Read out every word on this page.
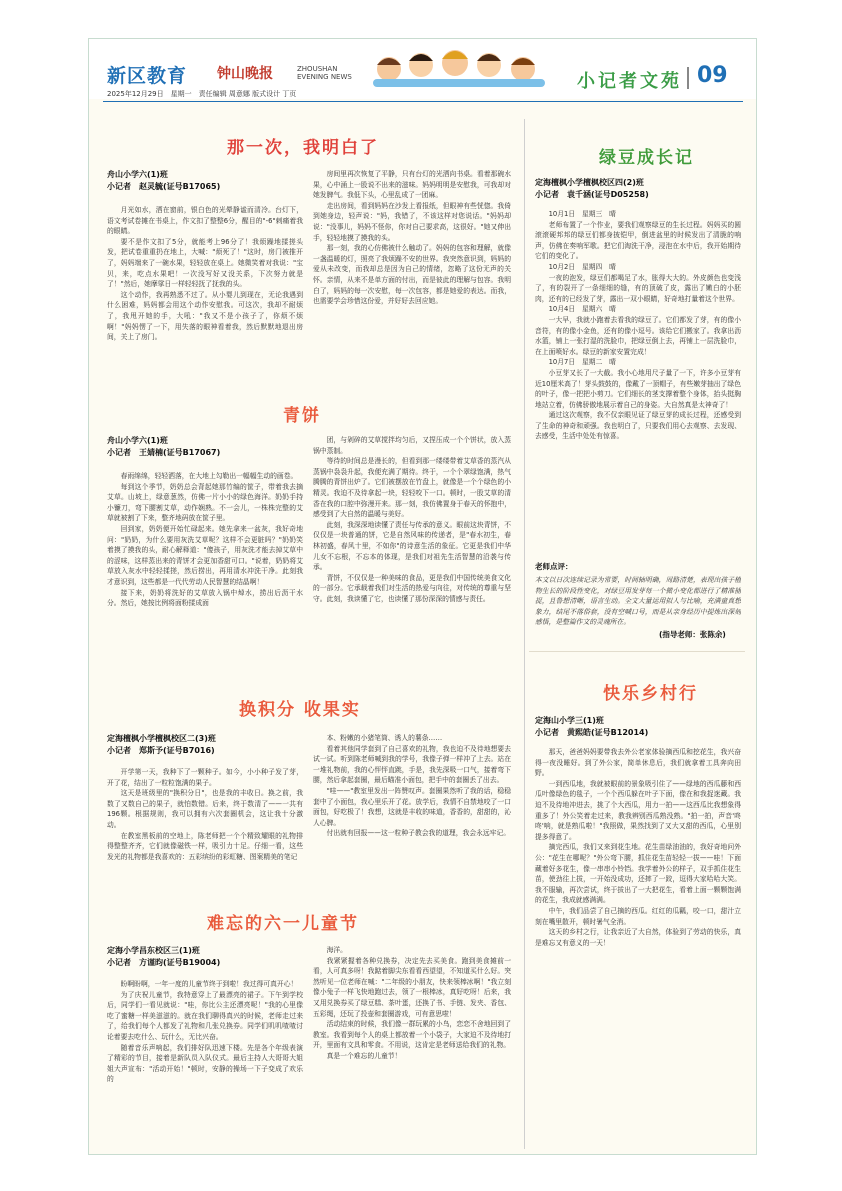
新区教育 钟山晚报	ZHOUSHAN
EVENING NEWS
2025年12月29日　星期一　责任编辑 周意娜 版式设计 丁页
小记者文苑 09
那一次，我明白了
舟山小学六(1)班
小记者　赵灵毓(证号B17065)

月光如水，洒在窗前，银白色的光晕静谧而清冷。台灯下，语文考试卷摊在书桌上，作文扣了整整6分，醒目的"-6"刺痛着我的眼睛。

要不是作文扣了5分，就能考上96分了！我烦躁地揉搓头发，把试卷重重扔在地上，大喊："烦死了！"这时，房门被推开了，妈妈端来了一碗水果，轻轻放在桌上。她微笑着对我说："宝贝，来，吃点水果吧！一次没写好又没关系，下次努力就是了！"然后，她摩挲日一样轻轻抚了抚我的头。

这个动作，我再熟悉不过了。从小婴儿到现在，无论我遇到什么困难，妈妈都会用这个动作安慰我。可这次，我却不耐烦了，我甩开她的手，大吼："我又不是小孩子了，你烦不烦啊！"妈妈愣了一下，用失落的眼神看着我，然后默默地退出房间，关上了房门。

房间里再次恢复了平静，只有台灯的光洒向书桌。看着那碗水果，心中涌上一股说不出来的滋味。妈妈明明是安慰我，可我却对她发脾气。我低下头，心里乱成了一团麻。

走出房间，看到妈妈在沙发上看报纸，但眼神有些恍惚。我倚到她身边，轻声说："妈，我错了，不该这样对您说话。"妈妈却说："没事儿，妈妈不怪你，你对自己要求高，这很好。"她又伸出手，轻轻地摸了摸我的头。

那一刻，我的心仿佛被什么触动了。妈妈的包容和理解，就像一盏温暖的灯，照亮了我烦躁不安的世界。我突然意识到，妈妈的爱从未改变，而我却总是因为自己的情绪，忽略了这份无声的关怀。亲情，从来不是单方面的付出，而是彼此的理解与包容。我明白了，妈妈的每一次安慰，每一次包容，都是她爱的表达。而我，也需要学会珍惜这份爱，并好好去回应她。

青饼
舟山小学六(1)班
小记者　王婧楠(证号B17067)

春雨绵绵，轻轻洒落，在大地上勾勒出一幅幅生动的画卷。

每到这个季节，奶奶总会背起她那竹编的筐子，带着我去摘艾草。山坡上，绿意葱然，仿佛一片小小的绿色海洋。奶奶手持小镰刀，弯下腰割艾草，动作娴熟。不一会儿，一株株完整的艾草就被割了下来，整齐地码放在筐子里。

回到家，奶奶便开始忙碌起来。她先拿来一盆灰，我好奇地问："奶奶，为什么要用灰洗艾草呢？这样不会更脏吗？"奶奶笑着摸了摸我的头，耐心解释道："傻孩子，用灰洗才能去掉艾草中的涩味，这样蒸出来的青饼才会更加香甜可口。"说着，奶奶将艾草放入灰水中轻轻揉搓，然后捞出，再用清水冲洗干净。此刻我才意识到，这些都是一代代劳动人民智慧的结晶啊！

接下来，奶奶将洗好的艾草放入锅中焯水，捞出后沥干水分。然后，她按比例将面粉揉成面

团，与剁碎的艾草搅拌均匀后，又捏压成一个个饼状，放入蒸锅中蒸制。

等待的时间总是漫长的，但看到那一缕缕带着艾草香的蒸汽从蒸锅中袅袅升起，我便充满了期待。终于，一个个翠绿饱满，热气腾腾的青饼出炉了。它们被摆放在竹盘上，就像是一个个绿色的小精灵。我迫不及待拿起一块，轻轻咬下一口。顿时，一股艾草的清香在我的口腔中弥漫开来。那一刻，我仿佛置身于春天的怀抱中，感受到了大自然的温暖与美好。

此刻，我深深地读懂了责任与传承的意义。眼前这块青饼，不仅仅是一块普通的饼，它是自然风味的传递者，是"春水初生，春林初盛，春风十里，不如你"的诗意生活的象征。它更是我们中华儿女不忘根，不忘本的体现，是我们对祖先生活智慧的沿袭与传承。

青饼，不仅仅是一种美味的食品，更是我们中国传统美食文化的一部分。它承载着我们对生活的热爱与向往，对传统的尊重与坚守。此刻，我读懂了它，也读懂了那份深深的情感与责任。

换积分 收果实
定海檀枫小学檀枫校区二(3)班
小记者　郑斯予(证号B7016)

开学第一天，我种下了一颗种子。如今，小小种子发了芽，开了花，结出了一粒粒饱满的果子。

这天是班级里的"换积分日"，也是我的丰收日。换之前，我数了又数自己的果子，就怕数错。后来，终于数清了——一共有196颗。根据规则，我可以拥有六次套圈机会，这让我十分激动。

在教室黑板前的空地上，陈老师把一个个精致耀眼的礼物排得整整齐齐，它们就像磁铁一样，吸引力十足。仔细一看，这些发光的礼物都是我喜欢的：五彩缤纷的彩虹糖、图案精美的笔记

本、粉嫩的小猪笔筒、诱人的薯条……

看着其他同学套到了自己喜欢的礼物，我也迫不及待地想要去试一试。听到陈老师喊到我的学号，我像子弹一样冲了上去。站在一堆礼物前，我的心怦怦直跳，手是，我先深吸一口气，接着弯下腰，然后拿起套圈，最后瞄准小面包，把手中的套圈丢了出去。

"哇——"教室里发出一阵赞叹声。套圈果然听了我的话，稳稳套中了小面包，我心里乐开了花。放学后，我情不自禁地咬了一口面包，好吃极了！我想，这就是丰收的味道，香香的，甜甜的，沁人心脾。

付出就有回报——这一粒种子教会我的道理，我会永远牢记。

难忘的六一儿童节
定海小学昌东校区三(1)班
小记者　方谨昀(证号B19004)

盼啊盼啊，一年一度的儿童节终于到啦！我过得可真开心！

为了庆祝儿童节，我特意穿上了最漂亮的裙子。下午到学校后，同学们一看见就说："哇，你比公主还漂亮呢！"我的心里像吃了蜜糖一样美滋滋的。就在我们聊得真兴的时候，老师走过来了，给我们每个人都发了礼物和几张兑换券。同学们叽叽喳喳讨论着要去吃什么、玩什么，无比兴奋。

随着音乐声响起，我们排好队迅速下楼。先是各个年级表演了精彩的节目，接着是新队员入队仪式。最后主持人大哥哥大姐姐大声宣布："活动开始！"顿时，安静的操场一下子变成了欢乐的

海洋。

我紧紧握着各种兑换券，决定先去买美食。跑到美食摊前一看，人可真多呀！我踮着脚尖东看看西望望，不知道买什么好。突然听见一位老师在喊："二年级的小朋友，快来领棒冰啊！"我立刻像小兔子一样飞快地跑过去，领了一根棒冰，真好吃呀！后来，我又用兑换券买了绿豆糕、茶叶蛋，还换了书、手链、发夹、香包、五彩绳，还玩了投壶和套圈游戏，可有意思啦！

活动结束的时候，我们像一群玩累的小鸟，恋恋不舍地回到了教室。我看到每个人的桌上都放着一个小袋子，大家迫不及待地打开，里面有文具和零食。不用说，这肯定是老师送给我们的礼物。

真是一个难忘的儿童节！

绿豆成长记
定海檀枫小学檀枫校区四(2)班
小记者　袁千涵(证号D05258)

10月1日　星期三　晴

老师布置了一个作业，要我们观察绿豆的生长过程。妈妈买的圆滚滚硬邦邦的绿豆们都身披铠甲，倒进盆里的时候发出了清脆的响声，仿佛在奏响军歌。把它们淘洗干净，浸泡在水中后，我开始期待它们的变化了。

10月2日　星期四　晴

一夜的泡发，绿豆们都喝足了水，胀得大大的。外皮颜色也变浅了，有的裂开了一条细细的缝，有的顶破了皮，露出了嫩白的小胚肉，还有的已经发了芽，露出一双小眼睛，好奇地打量着这个世界。

10月4日　星期六　晴

一大早，我就小跑着去看我的绿豆了。它们都发了芽，有的像小音符，有的像小金鱼，还有的像小逗号。该给它们搬家了。我拿出沥水篮，铺上一张打湿的洗脸巾，把绿豆倒上去，再铺上一层洗脸巾，在上面喷好水。绿豆的新家安置完成！

10月7日　星期二　晴

小豆芽又长了一大截。我小心地用尺子量了一下，许多小豆芽有近10厘米高了！芽头鼓鼓的，像戴了一顶帽子，有些嫩芽抽出了绿色的叶子，像一把把小剪刀。它们细长的茎支撑着整个身体，抬头挺胸地站立着，仿佛骄傲地展示着自己的身姿。大自然真是太神奇了！

通过这次观察，我不仅亲眼见证了绿豆芽的成长过程，还感受到了生命的神奇和顽强。我也明白了，只要我们用心去观察、去发现、去感受，生活中处处有惊喜。

老师点评：
本文以日次连续记录为常要，时间轴明确，周路清楚，表现出孩子植物生长的阶段性变化，对绿豆用发芽每一个微小变化都进行了精准捕捉，且鲁想清晰，语言生动。全文大量运用拟人与比喻，充满童真想象力，结尾不落俗套，没有空喊口号，而是从亲身经历中提炼出深刻感悟，是整篇作文的灵魂所在。
(指导老师：张陈余)
快乐乡村行
定海山小学三(1)班
小记者　黄熙皓(证号B12014)

那天，爸爸妈妈要带我去外公老家体验摘西瓜和挖花生，我兴奋得一夜没睡好。到了外公家，简单休息后，我们就拿着工具奔向田野。

一到西瓜地，我就被眼前的景象吸引住了——绿地的西瓜藤和西瓜叶像绿色的毯子，一个个西瓜躲在叶子下面，像在和我捉迷藏。我迫不及待地冲进去，挑了个大西瓜，用力一拍——这西瓜比我想象得重多了！外公笑着走过来，教我辨别西瓜熟没熟。"拍一拍，声音'咚咚'响，就是熟瓜啦！"我照做，果然找到了又大又甜的西瓜，心里别提多得意了。

摘完西瓜，我们又来到花生地。花生苗绿油油的，我好奇地问外公："花生在哪呢？"外公弯下腰，抓住花生苗轻轻一拔——哇！下面藏着好多花生，像一串串小铃铛。我学着外公的样子，双手抓住花生苗，使劲往上拔，一开始没成功，还摔了一跤，逗得大家哈哈大笑。我不服输，再次尝试，终于拔出了一大把花生，看着上面一颗颗饱满的花生，我成就感满满。

中午，我们品尝了自己摘的西瓜。红红的瓜瓤，咬一口，甜汁立刻在嘴里散开，顿时暑气全消。

这天的乡村之行，让我亲近了大自然，体验到了劳动的快乐，真是难忘又有意义的一天！
